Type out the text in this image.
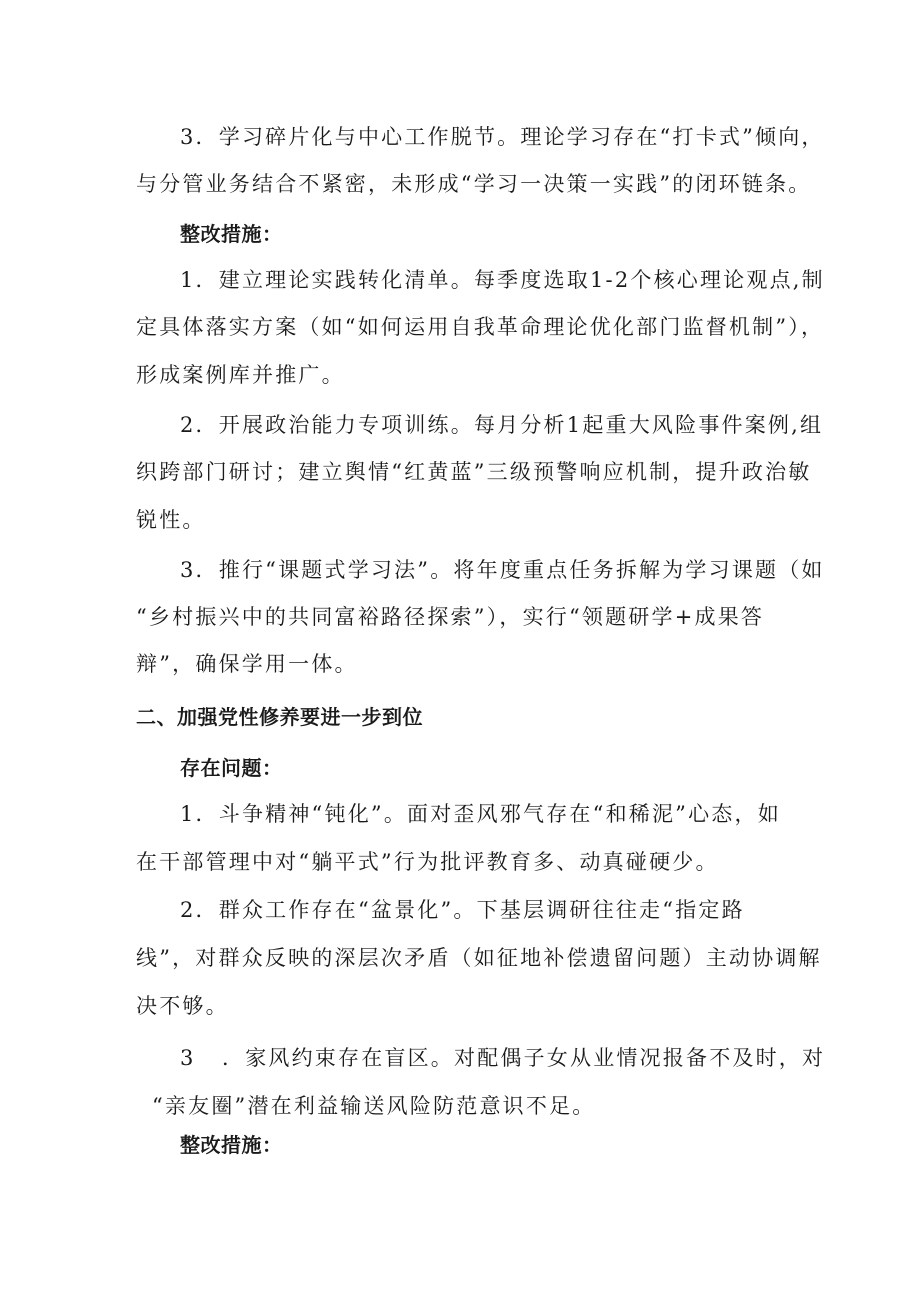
3．学习碎片化与中心工作脱节。理论学习存在“打卡式”倾向，
与分管业务结合不紧密，未形成“学习一决策一实践”的闭环链条。
整改措施：
1．建立理论实践转化清单。每季度选取1-2个核心理论观点,制
定具体落实方案（如“如何运用自我革命理论优化部门监督机制”），
形成案例库并推广。
2．开展政治能力专项训练。每月分析1起重大风险事件案例,组
织跨部门研讨；建立舆情“红黄蓝”三级预警响应机制，提升政治敏
锐性。
3．推行“课题式学习法”。将年度重点任务拆解为学习课题（如
“乡村振兴中的共同富裕路径探索”），实行“领题研学+成果答
辩”，确保学用一体。
二、加强党性修养要进一步到位
存在问题：
1．斗争精神“钝化”。面对歪风邪气存在“和稀泥”心态，如
在干部管理中对“躺平式”行为批评教育多、动真碰硬少。
2．群众工作存在“盆景化”。下基层调研往往走“指定路
线”，对群众反映的深层次矛盾（如征地补偿遗留问题）主动协调解
决不够。
3 ．家风约束存在盲区。对配偶子女从业情况报备不及时，对
“亲友圈”潜在利益输送风险防范意识不足。
整改措施：
